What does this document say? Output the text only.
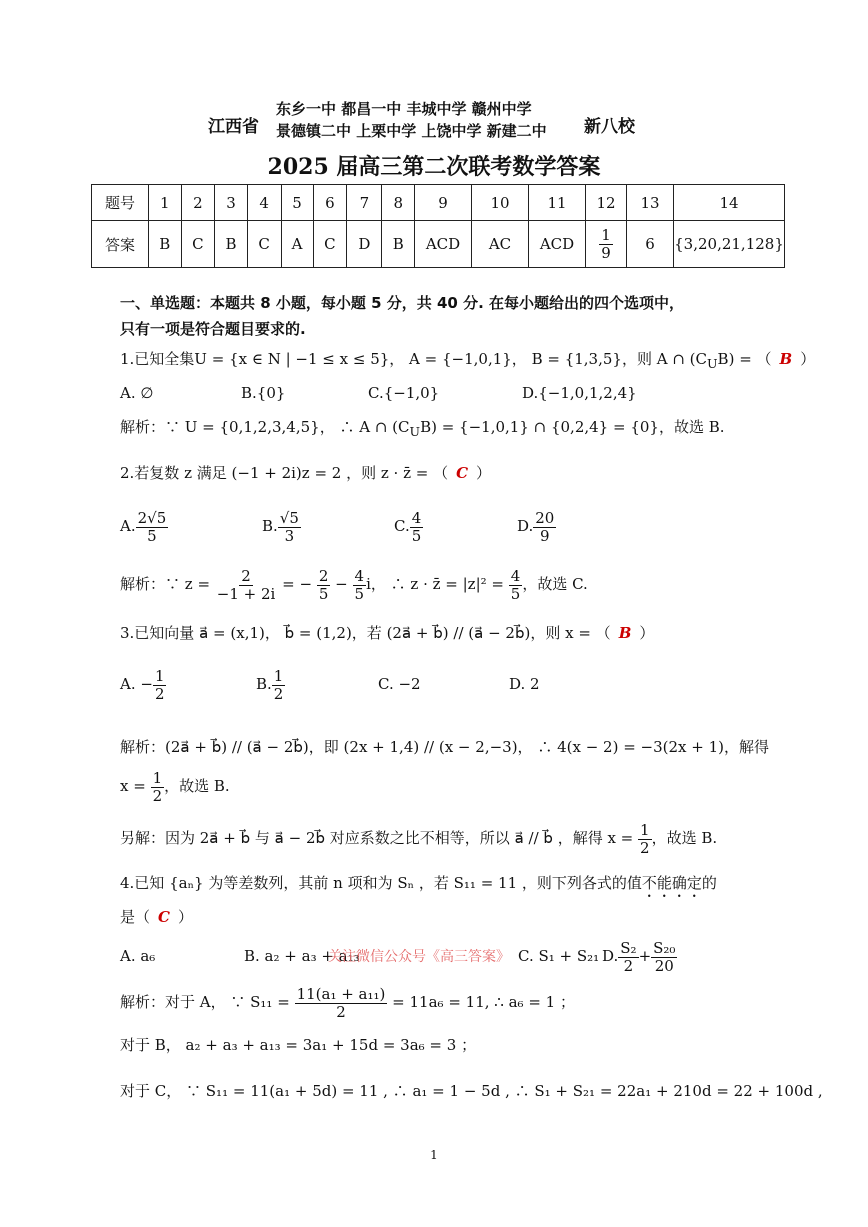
江西省
东乡一中 都昌一中 丰城中学 赣州中学
景德镇二中 上栗中学 上饶中学 新建二中	新八校
2025 届高三第二次联考数学答案
题号	1	2	3	4	5	6	7	8	9	10	11	12	13	14
答案	B	C	B	C	A	C	D	B	ACD	AC	ACD	$\frac{1}{9}$	6	{3,20,21,128}
一、单选题：本题共 8 小题，每小题 5 分，共 40 分. 在每小题给出的四个选项中，
只有一项是符合题目要求的.
1.已知全集U = {x ∈ N | −1 ≤ x ≤ 5}， A = {−1,0,1}， B = {1,3,5}，则 A ∩ $(C_UB)$ = （ B ）
A. ∅	B.{0}	C.{−1,0}	D.{−1,0,1,2,4}
解析：∵ U = {0,1,2,3,4,5}， ∴ A ∩ $(C_UB) = \{-1,0,1\}$ ∩ {0,2,4} = {0}，故选 B.
2.若复数 z 满足 (−1 + 2i)z = 2 ，则 z · z̄ = （ C ）
A. $\frac{2√5}{5}$	B. $\frac{√5}{3}$	C. $\frac{4}{5}$	D. $\frac{20}{9}$
解析：∵ $z = \frac{2}{-1 + 2i}$ = − $\frac{2}{5} - \frac{4}{5}$ i， ∴ z · z̄ = $|z|^2 = \frac{4}{5}$ ，故选 C.
3.已知向量 a⃗ = (x,1)， b⃗ = (1,2)，若 (2a⃗ + b⃗) // (a⃗ − 2b⃗)，则 x = （ B ）
A. − $\frac{1}{2}$	B. $\frac{1}{2}$	C. −2	D. 2
解析：(2a⃗ + b⃗) // (a⃗ − 2b⃗)，即 (2x + 1,4) // (x − 2,−3)， ∴ 4(x − 2) = −3(2x + 1)，解得
$x = \frac{1}{2}$ ，故选 B.
另解：因为 2a⃗ + b⃗ 与 a⃗ − 2b⃗ 对应系数之比不相等，所以 a⃗ // b⃗ ，解得 $x = \frac{1}{2}$ ，故选 B.
4.已知 {aₙ} 为等差数列，其前 n 项和为 Sₙ ，若 S₁₁ = 11 ，则下列各式的值不能确定的
是（ C ）
A. a₆	B. a₂ + a₃ + a₁₃关注微信公众号《高三答案》 C. S₁ + S₂₁ D. $\frac{\text{S₂}}{2} + \frac{\text{S₂₀}}{20}$
解析：对于 A， ∵ $S_{11} = \frac{\text{11(a₁ + a₁₁)}}{2} = 11a_6 = 11$, ∴ a₆ = 1 ；
对于 B， a₂ + a₃ + a₁₃ = 3a₁ + 15d = 3a₆ = 3 ；
对于 C， ∵ S₁₁ = 11(a₁ + 5d) = 11 , ∴ a₁ = 1 − 5d , ∴ S₁ + S₂₁ = 22a₁ + 210d = 22 + 100d ,
1
